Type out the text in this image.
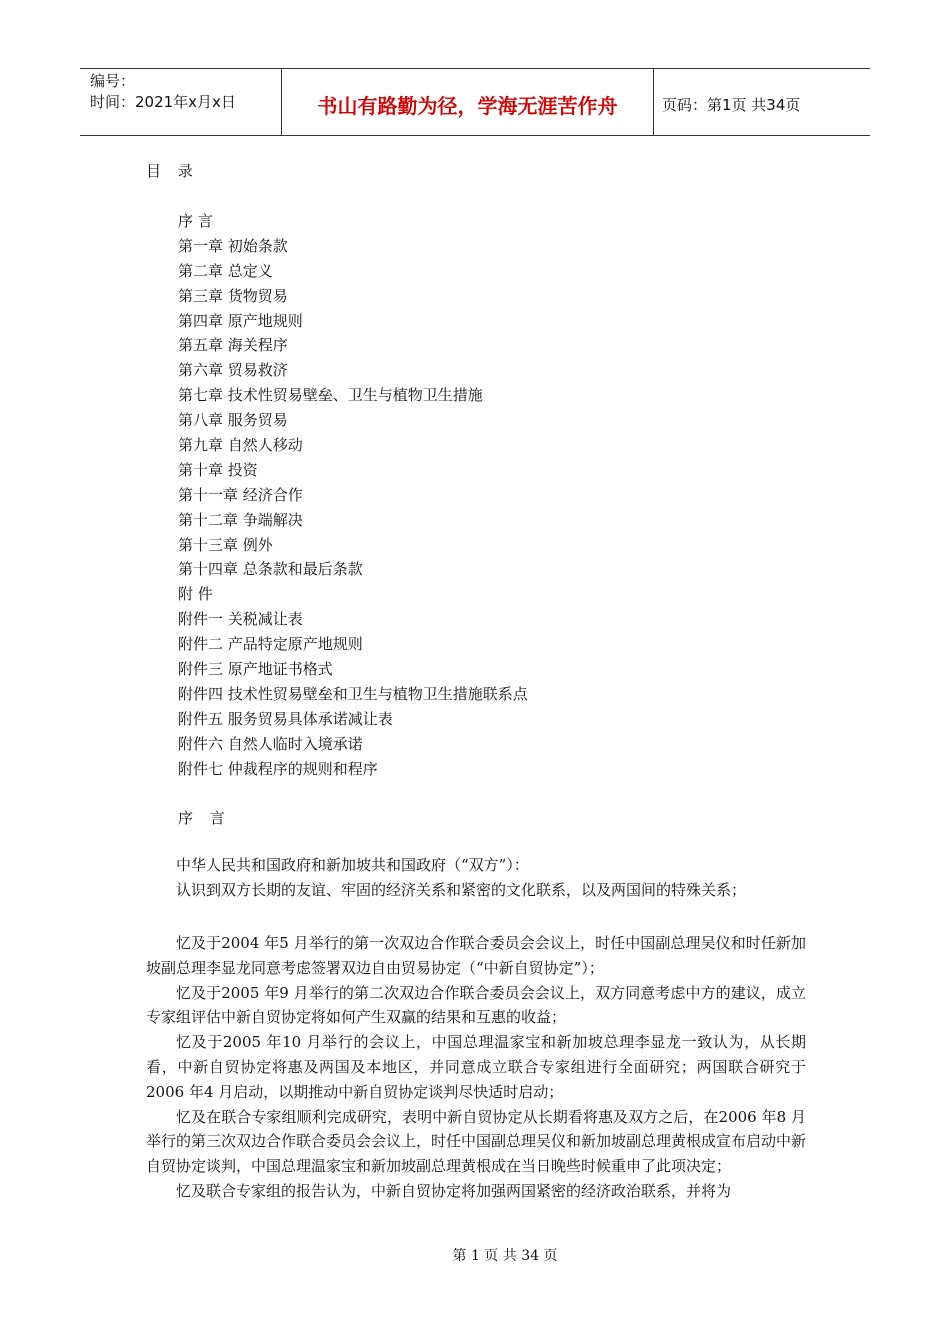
编号：
时间：2021年x月x日	书山有路勤为径，学海无涯苦作舟	页码：第1页 共34页
目 录
序 言
第一章 初始条款
第二章 总定义
第三章 货物贸易
第四章 原产地规则
第五章 海关程序
第六章 贸易救济
第七章 技术性贸易壁垒、卫生与植物卫生措施
第八章 服务贸易
第九章 自然人移动
第十章 投资
第十一章 经济合作
第十二章 争端解决
第十三章 例外
第十四章 总条款和最后条款
附 件
附件一 关税减让表
附件二 产品特定原产地规则
附件三 原产地证书格式
附件四 技术性贸易壁垒和卫生与植物卫生措施联系点
附件五 服务贸易具体承诺减让表
附件六 自然人临时入境承诺
附件七 仲裁程序的规则和程序
序 言

中华人民共和国政府和新加坡共和国政府（“双方”）：

认识到双方长期的友谊、牢固的经济关系和紧密的文化联系，以及两国间的特殊关系；

忆及于2004 年5 月举行的第一次双边合作联合委员会会议上，时任中国副总理吴仪和时任新加坡副总理李显龙同意考虑签署双边自由贸易协定（“中新自贸协定”）；

忆及于2005 年9 月举行的第二次双边合作联合委员会会议上，双方同意考虑中方的建议，成立专家组评估中新自贸协定将如何产生双赢的结果和互惠的收益；

忆及于2005 年10 月举行的会议上，中国总理温家宝和新加坡总理李显龙一致认为，从长期看，中新自贸协定将惠及两国及本地区，并同意成立联合专家组进行全面研究；两国联合研究于2006 年4 月启动，以期推动中新自贸协定谈判尽快适时启动；

忆及在联合专家组顺利完成研究，表明中新自贸协定从长期看将惠及双方之后，在2006 年8 月举行的第三次双边合作联合委员会会议上，时任中国副总理吴仪和新加坡副总理黄根成宣布启动中新自贸协定谈判，中国总理温家宝和新加坡副总理黄根成在当日晚些时候重申了此项决定；

忆及联合专家组的报告认为，中新自贸协定将加强两国紧密的经济政治联系，并将为

第 1 页 共 34 页
